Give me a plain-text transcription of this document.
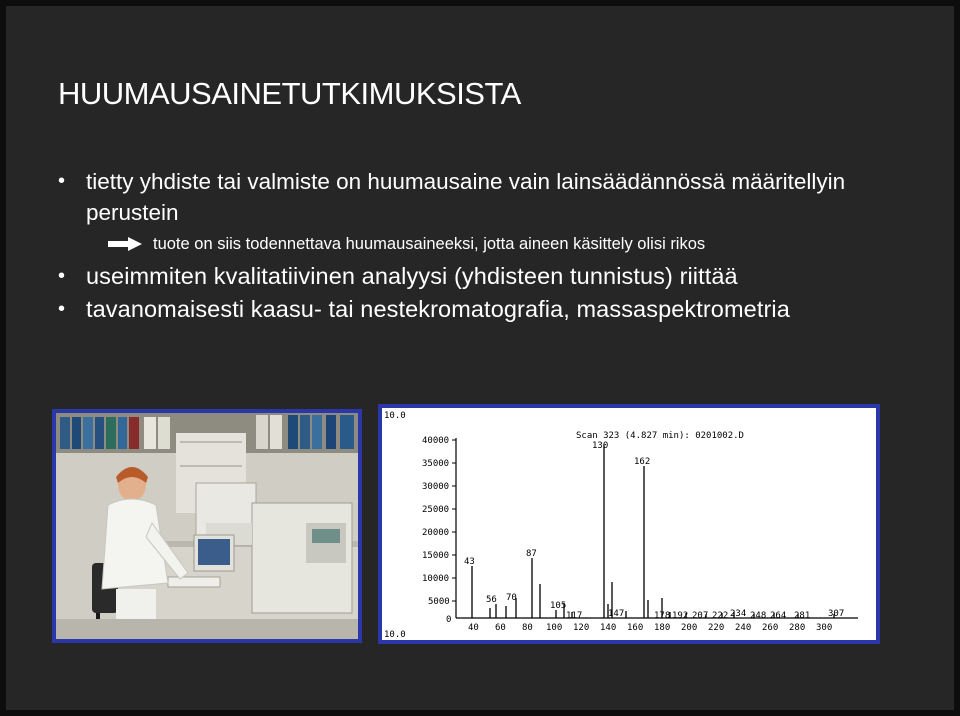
HUUMAUSAINETUTKIMUKSISTA
• tietty yhdiste tai valmiste on huumausaine vain lainsäädännössä määritellyin perustein
tuote on siis todennettava huumausaineeksi, jotta aineen käsittely olisi rikos
• useimmiten kvalitatiivinen analyysi (yhdisteen tunnistus) riittää
• tavanomaisesti kaasu- tai nestekromatografia, massaspektrometria
10.0
10.0
Scan 323 (4.827 min): 0201002.D
130
40000
35000
30000
25000
20000
15000
10000
5000
0
40 60 80 100 120 140 160 180 200 220 240 260 280 300
43
56 70
87
105
117	147
162
178 192 207 222 234 248 264 281 307
